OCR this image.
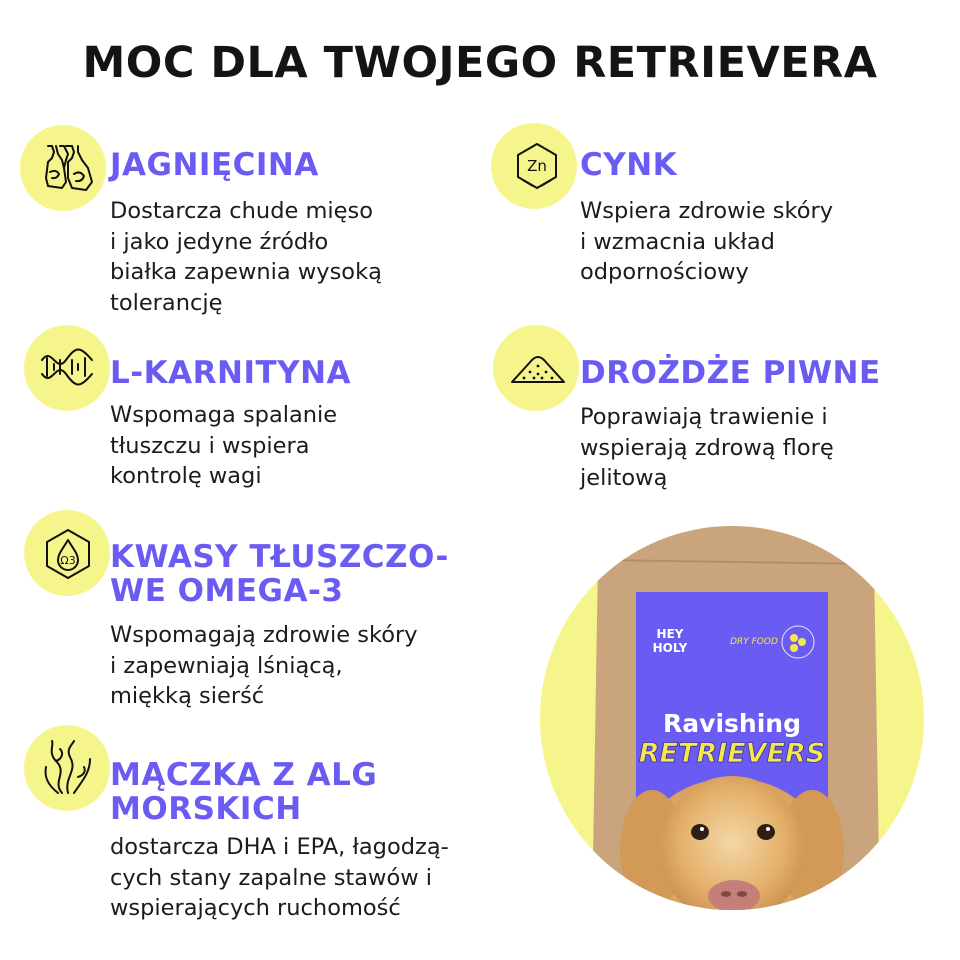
MOC DLA TWOJEGO RETRIEVERA
JAGNIĘCINA
Dostarcza chude mięso
i jako jedyne źródło
białka zapewnia wysoką
tolerancję
Zn CYNK
Wspiera zdrowie skóry
i wzmacnia układ
odpornościowy
L-KARNITYNA
Wspomaga spalanie
tłuszczu i wspiera
kontrolę wagi
DROŻDŻE PIWNE
Poprawiają trawienie i
wspierają zdrową florę
jelitową
Ω3 KWASY TŁUSZCZO-
WE OMEGA-3
Wspomagają zdrowie skóry
i zapewniają lśniącą,
miękką sierść
MĄCZKA Z ALG
MORSKICH
dostarcza DHA i EPA, łagodzą-
cych stany zapalne stawów i
wspierających ruchomość
HEY
HOLY	DRY FOOD
Ravishing
RETRIEVERS
